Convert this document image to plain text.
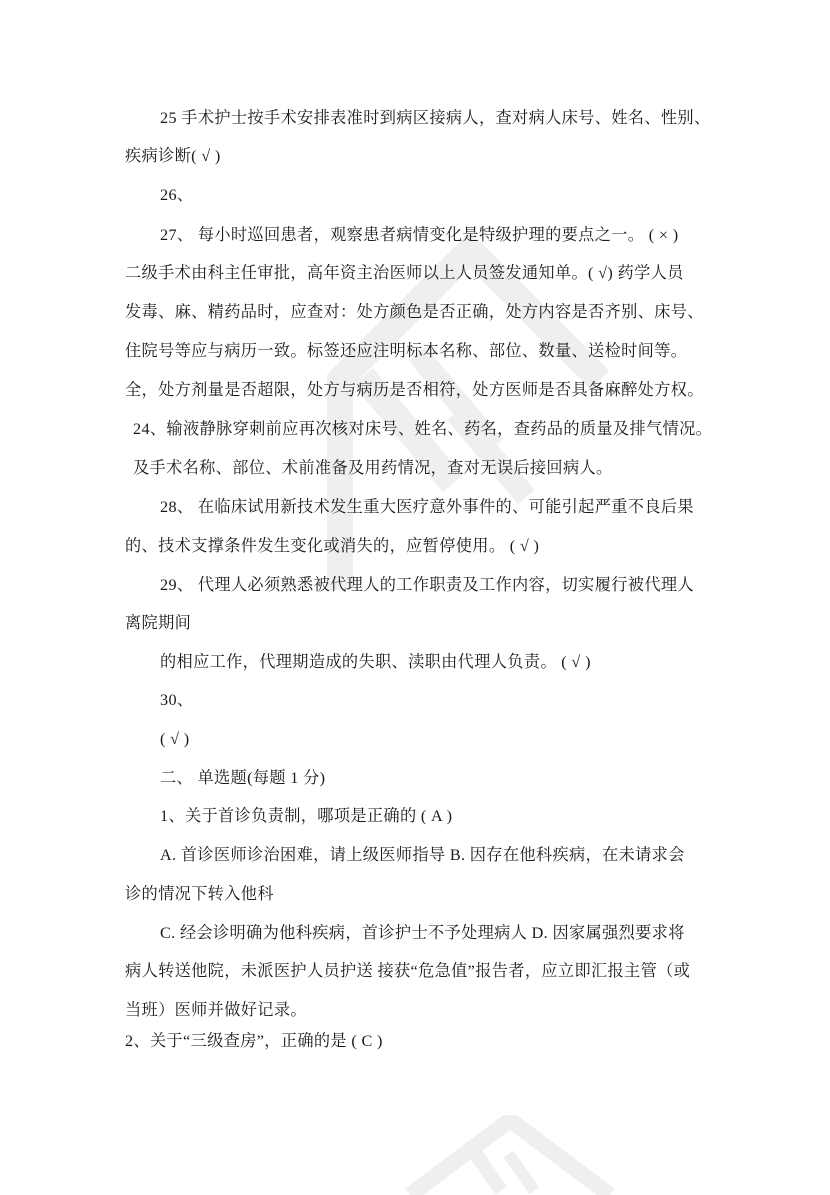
25 手术护士按手术安排表准时到病区接病人，查对病人床号、姓名、性别、
疾病诊断( √ )
26、
27、 每小时巡回患者，观察患者病情变化是特级护理的要点之一。 ( × )
二级手术由科主任审批，高年资主治医师以上人员签发通知单。( √) 药学人员
发毒、麻、精药品时，应查对：处方颜色是否正确，处方内容是否齐别、床号、
住院号等应与病历一致。标签还应注明标本名称、部位、数量、送检时间等。
全，处方剂量是否超限，处方与病历是否相符，处方医师是否具备麻醉处方权。
24、输液静脉穿刺前应再次核对床号、姓名、药名，查药品的质量及排气情况。
及手术名称、部位、术前准备及用药情况，查对无误后接回病人。
28、 在临床试用新技术发生重大医疗意外事件的、可能引起严重不良后果
的、技术支撑条件发生变化或消失的，应暂停使用。 ( √ )
29、 代理人必须熟悉被代理人的工作职责及工作内容，切实履行被代理人
离院期间
的相应工作，代理期造成的失职、渎职由代理人负责。 ( √ )
30、
( √ )
二、 单选题(每题 1 分)
1、关于首诊负责制，哪项是正确的 ( A )
A. 首诊医师诊治困难，请上级医师指导 B. 因存在他科疾病，在未请求会
诊的情况下转入他科
C. 经会诊明确为他科疾病，首诊护士不予处理病人 D. 因家属强烈要求将
病人转送他院，未派医护人员护送 接获“危急值”报告者，应立即汇报主管（或
当班）医师并做好记录。
2、关于“三级查房”，正确的是 ( C )
